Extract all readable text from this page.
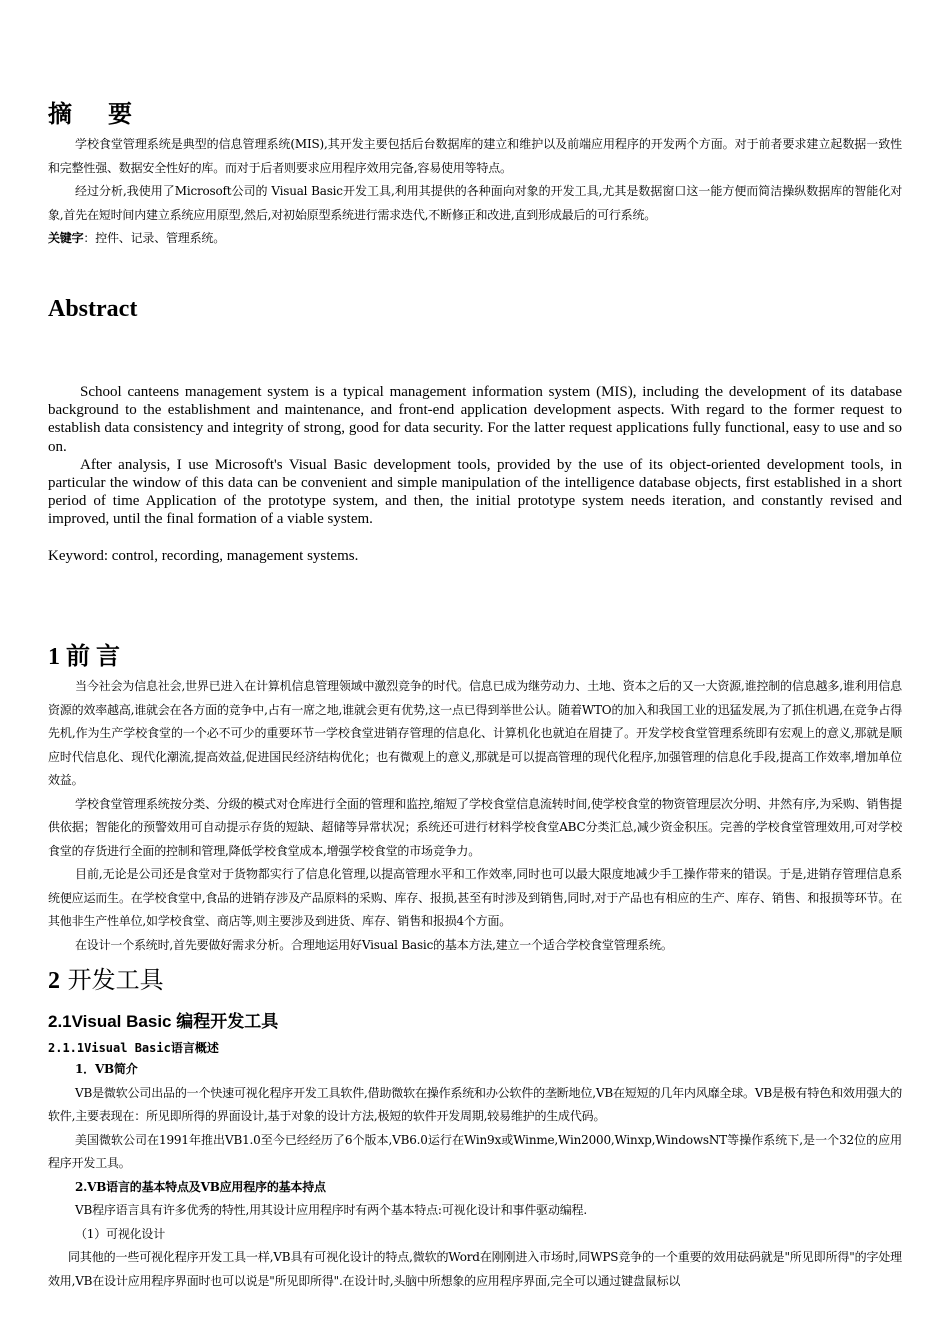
摘要

学校食堂管理系统是典型的信息管理系统(MIS),其开发主要包括后台数据库的建立和维护以及前端应用程序的开发两个方面。对于前者要求建立起数据一致性和完整性强、数据安全性好的库。而对于后者则要求应用程序效用完备,容易使用等特点。

经过分析,我使用了Microsoft公司的 Visual Basic开发工具,利用其提供的各种面向对象的开发工具,尤其是数据窗口这一能方便而简洁操纵数据库的智能化对象,首先在短时间内建立系统应用原型,然后,对初始原型系统进行需求迭代,不断修正和改进,直到形成最后的可行系统。

关键字：控件、记录、管理系统。

Abstract

School canteens management system is a typical management information system (MIS), including the development of its database background to the establishment and maintenance, and front-end application development aspects. With regard to the former request to establish data consistency and integrity of strong, good for data security. For the latter request applications fully functional, easy to use and so on.

After analysis, I use Microsoft's Visual Basic development tools, provided by the use of its object-oriented development tools, in particular the window of this data can be convenient and simple manipulation of the intelligence database objects, first established in a short period of time Application of the prototype system, and then, the initial prototype system needs iteration, and constantly revised and improved, until the final formation of a viable system.

Keyword: control, recording, management systems.

1 前 言

当今社会为信息社会,世界已进入在计算机信息管理领域中激烈竞争的时代。信息已成为继劳动力、土地、资本之后的又一大资源,谁控制的信息越多,谁利用信息资源的效率越高,谁就会在各方面的竞争中,占有一席之地,谁就会更有优势,这一点已得到举世公认。随着WTO的加入和我国工业的迅猛发展,为了抓住机遇,在竞争占得先机,作为生产学校食堂的一个必不可少的重要环节一学校食堂进销存管理的信息化、计算机化也就迫在眉捷了。开发学校食堂管理系统即有宏观上的意义,那就是顺应时代信息化、现代化潮流,提高效益,促进国民经济结构优化；也有微观上的意义,那就是可以提高管理的现代化程序,加强管理的信息化手段,提高工作效率,增加单位效益。

学校食堂管理系统按分类、分级的模式对仓库进行全面的管理和监控,缩短了学校食堂信息流转时间,使学校食堂的物资管理层次分明、井然有序,为采购、销售提供依据；智能化的预警效用可自动提示存货的短缺、超储等异常状况；系统还可进行材料学校食堂ABC分类汇总,减少资金积压。完善的学校食堂管理效用,可对学校食堂的存货进行全面的控制和管理,降低学校食堂成本,增强学校食堂的市场竞争力。

目前,无论是公司还是食堂对于货物都实行了信息化管理,以提高管理水平和工作效率,同时也可以最大限度地减少手工操作带来的错误。于是,进销存管理信息系统便应运而生。在学校食堂中,食品的进销存涉及产品原料的采购、库存、报损,甚至有时涉及到销售,同时,对于产品也有相应的生产、库存、销售、和报损等环节。在其他非生产性单位,如学校食堂、商店等,则主要涉及到进货、库存、销售和报损4个方面。

在设计一个系统时,首先要做好需求分析。合理地运用好Visual Basic的基本方法,建立一个适合学校食堂管理系统。

2 开发工具
2.1Visual Basic 编程开发工具
2.1.1Visual Basic语言概述

1．VB简介

VB是微软公司出品的一个快速可视化程序开发工具软件,借助微软在操作系统和办公软件的垄断地位,VB在短短的几年内风靡全球。VB是极有特色和效用强大的软件,主要表现在：所见即所得的界面设计,基于对象的设计方法,极短的软件开发周期,较易维护的生成代码。

美国微软公司在1991年推出VB1.0至今已经经历了6个版本,VB6.0运行在Win9x或Winme,Win2000,Winxp,WindowsNT等操作系统下,是一个32位的应用程序开发工具。

2.VB语言的基本特点及VB应用程序的基本持点

VB程序语言具有许多优秀的特性,用其设计应用程序时有两个基本特点:可视化设计和事件驱动编程.

（1）可视化设计

同其他的一些可视化程序开发工具一样,VB具有可视化设计的特点,微软的Word在刚刚进入市场时,同WPS竞争的一个重要的效用砝码就是"所见即所得"的字处理效用,VB在设计应用程序界面时也可以说是"所见即所得".在设计时,头脑中所想象的应用程序界面,完全可以通过键盘鼠标以
